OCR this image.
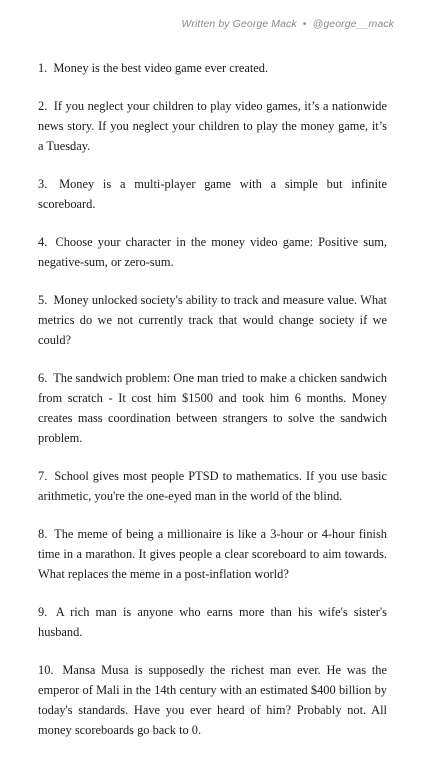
Written by George Mack • @george__mack

1. Money is the best video game ever created.

2. If you neglect your children to play video games, it’s a nationwide news story. If you neglect your children to play the money game, it’s a Tuesday.

3. Money is a multi-player game with a simple but infinite scoreboard.

4. Choose your character in the money video game: Positive sum, negative-sum, or zero-sum.

5. Money unlocked society's ability to track and measure value. What metrics do we not currently track that would change society if we could?

6. The sandwich problem: One man tried to make a chicken sandwich from scratch - It cost him $1500 and took him 6 months. Money creates mass coordination between strangers to solve the sandwich problem.

7. School gives most people PTSD to mathematics. If you use basic arithmetic, you're the one-eyed man in the world of the blind.

8. The meme of being a millionaire is like a 3-hour or 4-hour finish time in a marathon. It gives people a clear scoreboard to aim towards. What replaces the meme in a post-inflation world?

9. A rich man is anyone who earns more than his wife's sister's husband.

10. Mansa Musa is supposedly the richest man ever. He was the emperor of Mali in the 14th century with an estimated $400 billion by today's standards. Have you ever heard of him? Probably not. All money scoreboards go back to 0.
